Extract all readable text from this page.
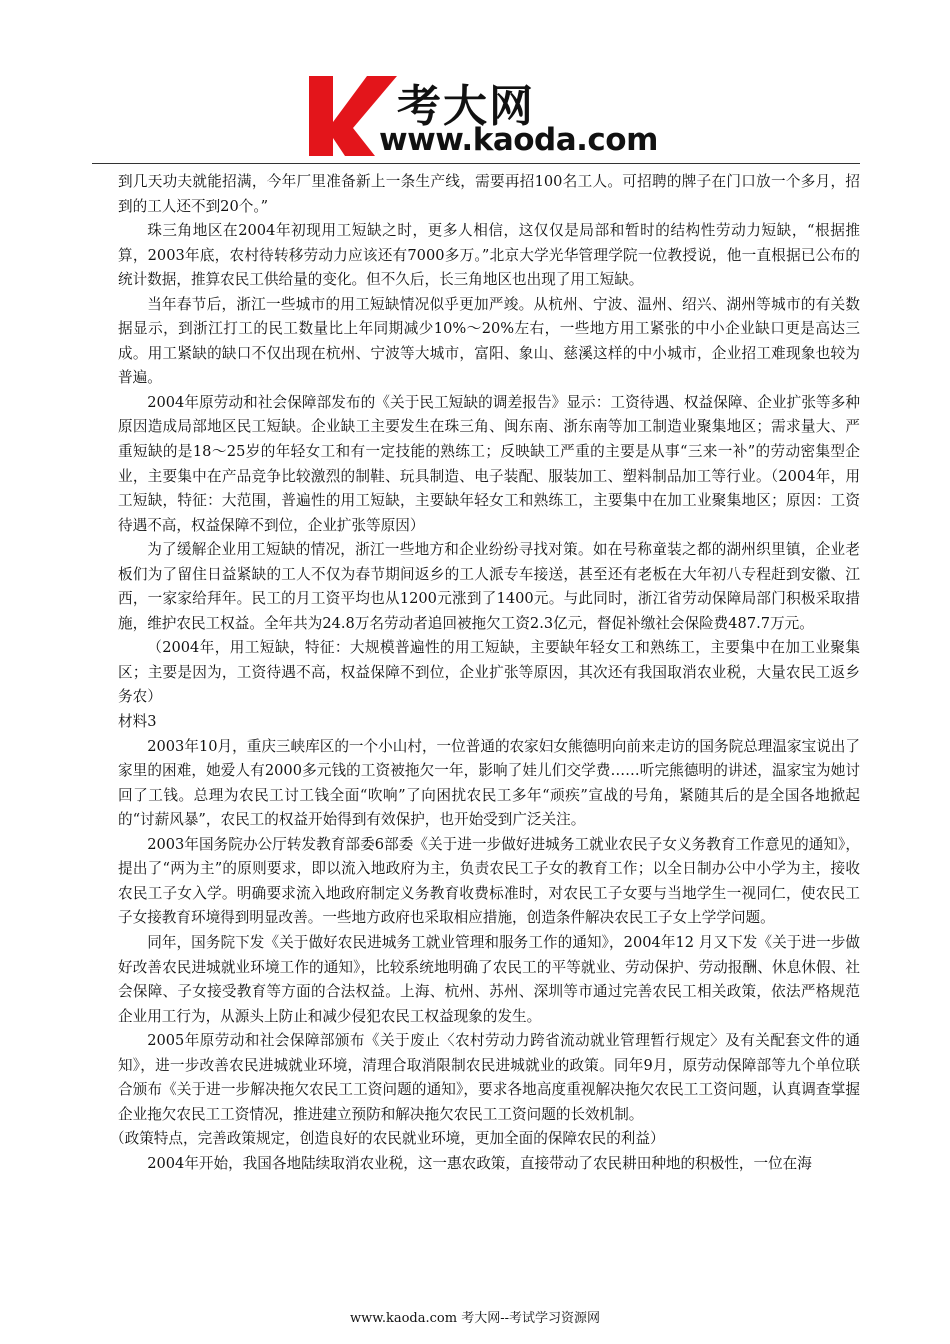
考大网
www.kaoda.com

到几天功夫就能招满，今年厂里准备新上一条生产线，需要再招100名工人。可招聘的牌子在门口放一个多月，招到的工人还不到20个。”

珠三角地区在2004年初现用工短缺之时，更多人相信，这仅仅是局部和暂时的结构性劳动力短缺，“根据推算，2003年底，农村待转移劳动力应该还有7000多万。”北京大学光华管理学院一位教授说，他一直根据已公布的统计数据，推算农民工供给量的变化。但不久后，长三角地区也出现了用工短缺。

当年春节后，浙江一些城市的用工短缺情况似乎更加严竣。从杭州、宁波、温州、绍兴、湖州等城市的有关数据显示，到浙江打工的民工数量比上年同期减少10%～20%左右，一些地方用工紧张的中小企业缺口更是高达三成。用工紧缺的缺口不仅出现在杭州、宁波等大城市，富阳、象山、慈溪这样的中小城市，企业招工难现象也较为普遍。

2004年原劳动和社会保障部发布的《关于民工短缺的调差报告》显示：工资待遇、权益保障、企业扩张等多种原因造成局部地区民工短缺。企业缺工主要发生在珠三角、闽东南、浙东南等加工制造业聚集地区；需求量大、严重短缺的是18～25岁的年轻女工和有一定技能的熟练工；反映缺工严重的主要是从事“三来一补”的劳动密集型企业，主要集中在产品竞争比较激烈的制鞋、玩具制造、电子装配、服装加工、塑料制品加工等行业。（2004年，用工短缺，特征：大范围，普遍性的用工短缺，主要缺年轻女工和熟练工，主要集中在加工业聚集地区；原因：工资待遇不高，权益保障不到位，企业扩张等原因）

为了缓解企业用工短缺的情况，浙江一些地方和企业纷纷寻找对策。如在号称童装之都的湖州织里镇，企业老板们为了留住日益紧缺的工人不仅为春节期间返乡的工人派专车接送，甚至还有老板在大年初八专程赶到安徽、江西，一家家给拜年。民工的月工资平均也从1200元涨到了1400元。与此同时，浙江省劳动保障局部门积极采取措施，维护农民工权益。全年共为24.8万名劳动者追回被拖欠工资2.3亿元，督促补缴社会保险费487.7万元。

（2004年，用工短缺，特征：大规模普遍性的用工短缺，主要缺年轻女工和熟练工，主要集中在加工业聚集区；主要是因为，工资待遇不高，权益保障不到位，企业扩张等原因，其次还有我国取消农业税，大量农民工返乡务农）

材料3

2003年10月，重庆三峡库区的一个小山村，一位普通的农家妇女熊德明向前来走访的国务院总理温家宝说出了家里的困难，她爱人有2000多元钱的工资被拖欠一年，影响了娃儿们交学费……听完熊德明的讲述，温家宝为她讨回了工钱。总理为农民工讨工钱全面“吹响”了向困扰农民工多年“顽疾”宣战的号角，紧随其后的是全国各地掀起的“讨薪风暴”，农民工的权益开始得到有效保护，也开始受到广泛关注。

2003年国务院办公厅转发教育部委6部委《关于进一步做好进城务工就业农民子女义务教育工作意见的通知》，提出了“两为主”的原则要求，即以流入地政府为主，负责农民工子女的教育工作；以全日制办公中小学为主，接收农民工子女入学。明确要求流入地政府制定义务教育收费标准时，对农民工子女要与当地学生一视同仁，使农民工子女接教育环境得到明显改善。一些地方政府也采取相应措施，创造条件解决农民工子女上学学问题。

同年，国务院下发《关于做好农民进城务工就业管理和服务工作的通知》，2004年12 月又下发《关于进一步做好改善农民进城就业环境工作的通知》，比较系统地明确了农民工的平等就业、劳动保护、劳动报酬、休息休假、社会保障、子女接受教育等方面的合法权益。上海、杭州、苏州、深圳等市通过完善农民工相关政策，依法严格规范企业用工行为，从源头上防止和减少侵犯农民工权益现象的发生。

2005年原劳动和社会保障部颁布《关于废止〈农村劳动力跨省流动就业管理暂行规定〉及有关配套文件的通知》，进一步改善农民进城就业环境，清理合取消限制农民进城就业的政策。同年9月，原劳动保障部等九个单位联合颁布《关于进一步解决拖欠农民工工资问题的通知》，要求各地高度重视解决拖欠农民工工资问题，认真调查掌握企业拖欠农民工工资情况，推进建立预防和解决拖欠农民工工资问题的长效机制。

（政策特点，完善政策规定，创造良好的农民就业环境，更加全面的保障农民的利益）

2004年开始，我国各地陆续取消农业税，这一惠农政策，直接带动了农民耕田种地的积极性，一位在海

www.kaoda.com 考大网--考试学习资源网
